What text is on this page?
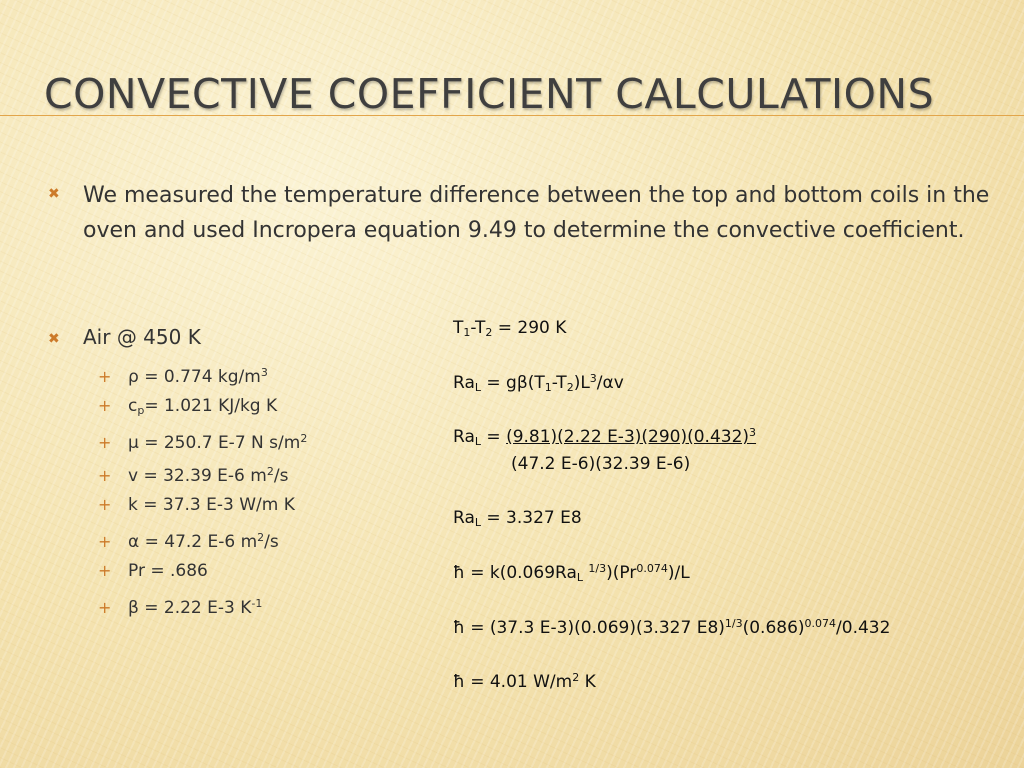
CONVECTIVE COEFFICIENT CALCULATIONS
✖ We measured the temperature difference between the top and bottom coils in the oven and used Incropera equation 9.49 to determine the convective coefficient.
✖ Air @ 450 K
+ ρ = 0.774 $kg/m^3$
+ $c_p= 1.021$ KJ/kg K
+ μ = 250.7 E-7 N $s/m^2$
+ v = 32.39 E-6 $m^2/s$
+ k = 37.3 E-3 W/m K
+ α = 47.2 E-6 $m^2/s$
+ Pr = .686
+ β = 2.22 E-3 $K^{-1}$
$T_1-T_2 = 290$ K
$Ra_L = g\beta(T_1-T_2)L^3/\alpha v$
$Ra_L = (9.81)(2.22$ $E-3)(290)(0.432)^3$
(47.2 E-6)(32.39 E-6)
$Ra_L = 3.327$ E8
ħ = $k(0.069Ra_L$ $^{1/3})(Pr^{0.074})/L$
ħ = (37.3 E-3)(0.069)(3.327 $E8)^{1/3}(0.686)^{0.074}/0.432$
ħ = 4.01 $W/m^2$ K
